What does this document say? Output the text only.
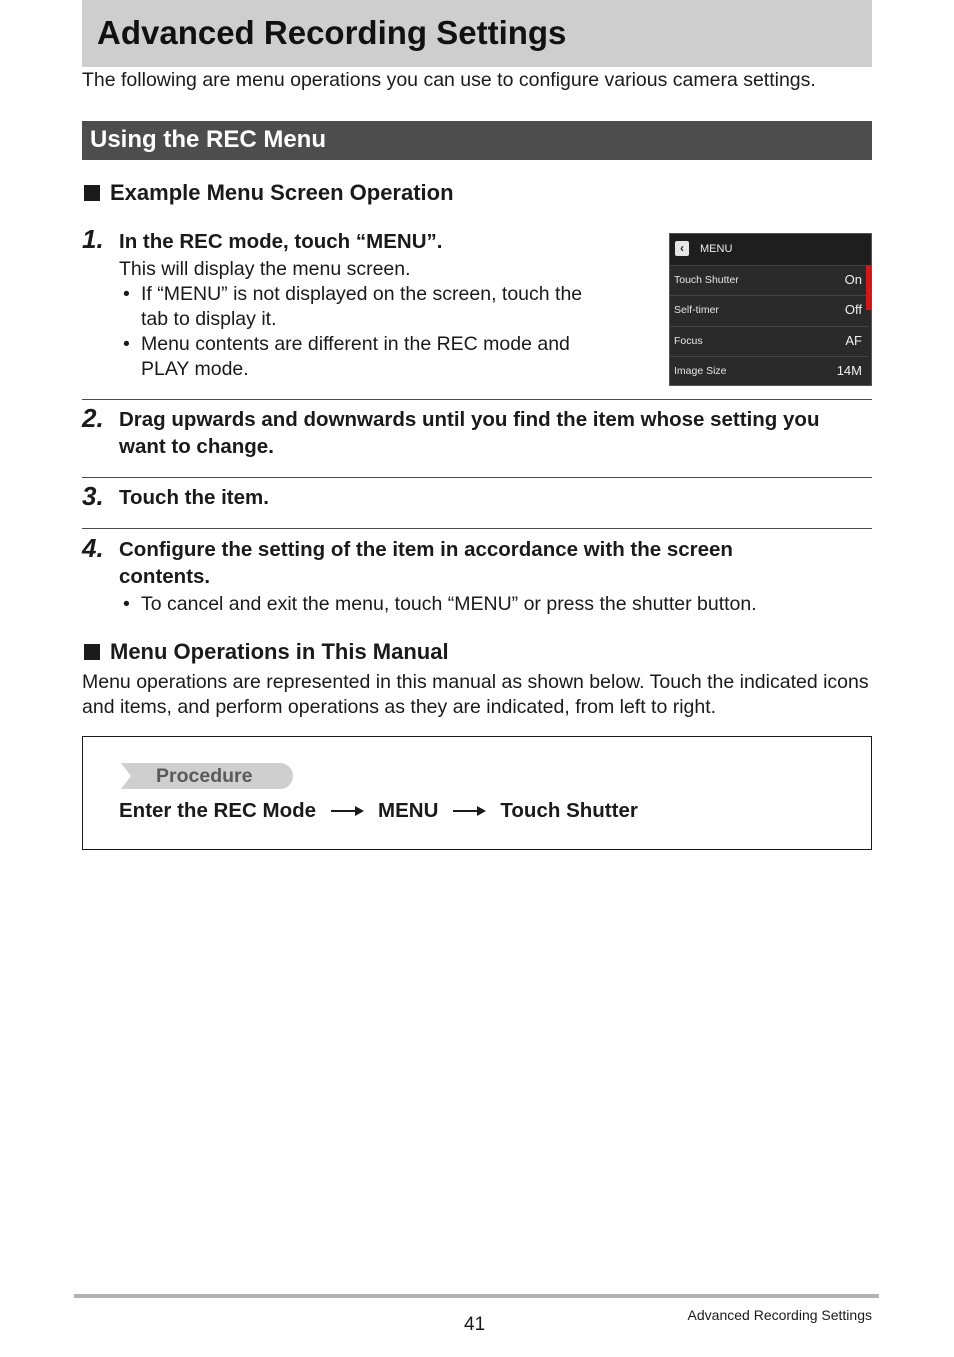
Advanced Recording Settings
The following are menu operations you can use to configure various camera settings.
Using the REC Menu
Example Menu Screen Operation
1. In the REC mode, touch “MENU”.
This will display the menu screen.
• If “MENU” is not displayed on the screen, touch the tab to display it.
• Menu contents are different in the REC mode and PLAY mode.
‹	MENU
Touch Shutter	On
Self-timer	Off
Focus	AF
Image Size	14M
2. Drag upwards and downwards until you find the item whose setting you want to change.
3. Touch the item.
4. Configure the setting of the item in accordance with the screen contents.
• To cancel and exit the menu, touch “MENU” or press the shutter button.
Menu Operations in This Manual
Menu operations are represented in this manual as shown below. Touch the indicated icons and items, and perform operations as they are indicated, from left to right.
Procedure
Enter the REC Mode	MENU	Touch Shutter
41	Advanced Recording Settings
